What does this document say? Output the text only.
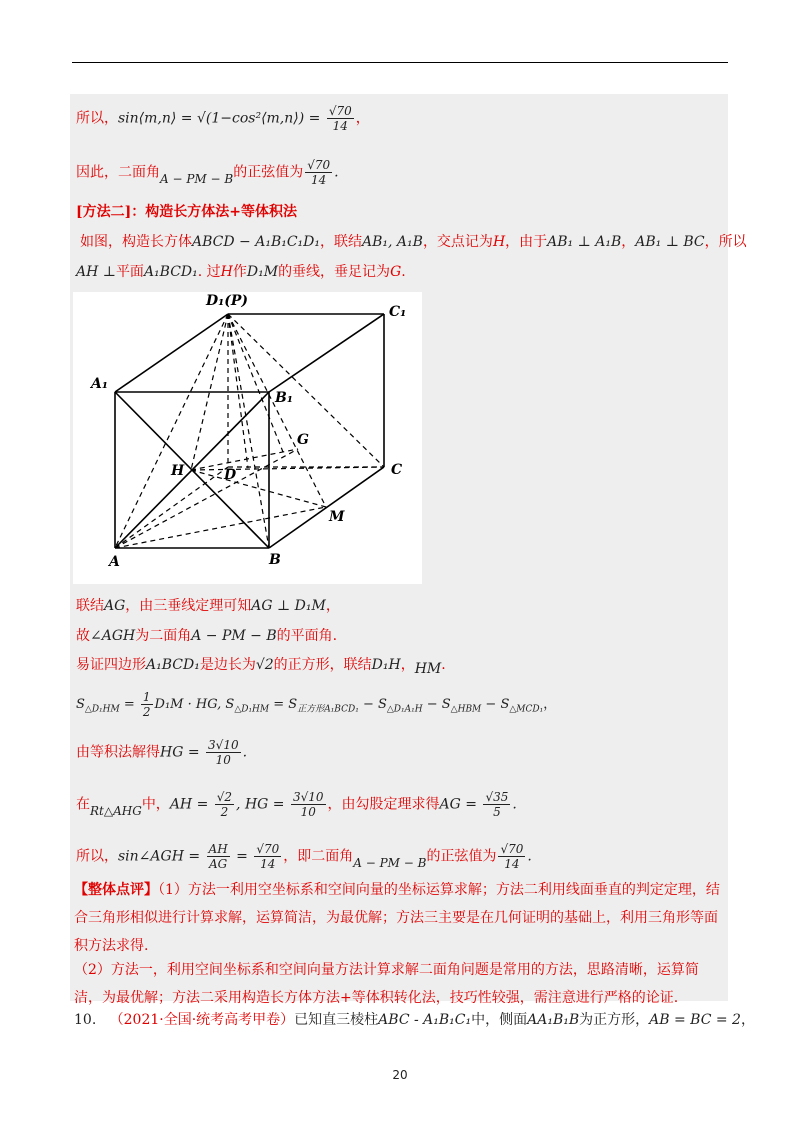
所以，sin⟨m,n⟩ = √(1−cos²⟨m,n⟩) = $\frac{√70}{14}$ ，
因此，二面角A − PM − B的正弦值为 $\frac{√70}{14}$ .
[方法二]：构造长方体法+等体积法
如图，构造长方体ABCD − A₁B₁C₁D₁，联结AB₁, A₁B，交点记为H，由于AB₁ ⊥ A₁B，AB₁ ⊥ BC，所以
AH ⊥平面A₁BCD₁. 过H作D₁M的垂线，垂足记为G.
D₁(P)
C₁
A₁
B₁
G
H	D	C
M
A	B
联结AG，由三垂线定理可知AG ⊥ D₁M，
故∠AGH为二面角A − PM − B的平面角.
易证四边形A₁BCD₁是边长为√2的正方形，联结D₁H，HM.
$S_{\triangle D_1HM} = \frac{1}{2} D_1M$ · HG, $S_{\triangle D_1HM} = S_{正方形A_1BCD_1} - S_{\triangle D_1A_1H} - S_{\triangle HBM} - S_{\triangle MCD_1}$，
由等积法解得HG = $\frac{3√10}{10}$ .
在Rt△AHG中，AH = $\frac{√2}{2}$ , HG = $\frac{3√10}{10}$ ，由勾股定理求得AG = $\frac{√35}{5}$ .
所以，sin∠AGH = $\frac{AH}{AG} = \frac{√70}{14}$ ，即二面角A − PM − B的正弦值为 $\frac{√70}{14}$ .
【整体点评】（1）方法一利用空坐标系和空间向量的坐标运算求解；方法二利用线面垂直的判定定理，结合三角形相似进行计算求解，运算简洁，为最优解；方法三主要是在几何证明的基础上，利用三角形等面积方法求得.
（2）方法一，利用空间坐标系和空间向量方法计算求解二面角问题是常用的方法，思路清晰，运算简洁，为最优解；方法二采用构造长方体方法+等体积转化法，技巧性较强，需注意进行严格的论证.
10. （2021·全国·统考高考甲卷）已知直三棱柱ABC - A₁B₁C₁中，侧面AA₁B₁B为正方形，AB = BC = 2，
20
